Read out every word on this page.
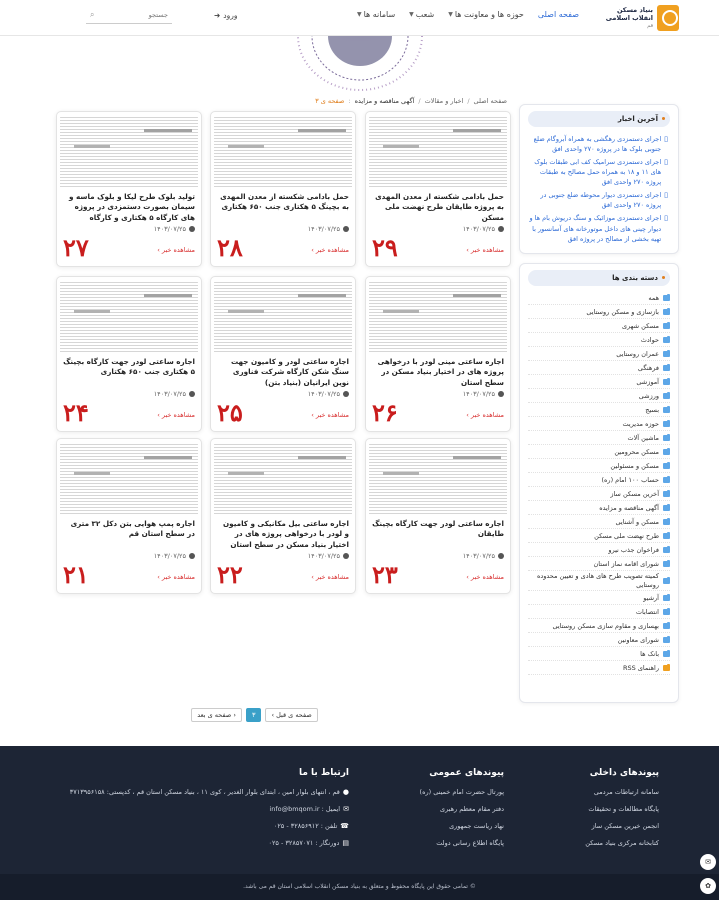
بنیاد مسکن
انقلاب اسلامی
قم
صفحه اصلی
حوزه ها و معاونت ها
▼
شعب
▼
سامانه ها
▼
ورود
➜
جستجو
⌕
صفحه اصلی
/
اخبار و مقالات
/
آگهی مناقصه و مزایده
:
صفحه ی ۳
آخرین اخبار
▯
اجرای دستمزدی رهگشی به همراه آبروگام ضلع جنوبی بلوک ها در پروژه ۲۷۰ واحدی افق
▯
اجرای دستمزدی سرامیک کف ابی طبقات بلوک های ۱۱ و ۱۸ به همراه حمل مصالح به طبقات پروژه ۲۷۰ واحدی افق
▯
اجرای دستمزدی دیوار محوطه ضلع جنوبی در پروژه ۲۷۰ واحدی افق
▯
اجرای دستمزدی موزائیک و سنگ دریوش بام ها و دیوار چینی های داخل موتورخانه های آسانسور با تهیه بخشی از مصالح در پروژه افق
دسته بندی ها
همه
بازسازی و مسکن روستایی
مسکن شهری
حوادث
عمران روستایی
فرهنگی
آموزشی
ورزشی
بسیج
حوزه مدیریت
ماشین آلات
مسکن محرومین
مسکن و مسئولین
حساب ۱۰۰ امام (ره)
آخرین مسکن ساز
آگهی مناقصه و مزایده
مسکن و آشنایی
طرح نهضت ملی مسکن
فراخوان جذب نیرو
شورای اقامه نماز استان
کمیته تصویب طرح های هادی و تعیین محدوده روستایی
آرشیو
انتصابات
بهسازی و مقاوم سازی مسکن روستایی
شورای معاونین
بانک ها
راهنمای RSS
حمل بادامی شکسته از معدن المهدی به پروژه طایقان طرح نهضت ملی مسکن
۱۴۰۳/۰۷/۲۵
مشاهده خبر ›
۲۹
حمل بادامی شکسته از معدن المهدی به بچینگ ۵ هکتاری جنب ۶۵۰ هکتاری
۱۴۰۳/۰۷/۲۵
مشاهده خبر ›
۲۸
تولید بلوک طرح لیکا و بلوک ماسه و سیمان بصورت دستمزدی در پروژه های کارگاه ۵ هکتاری و کارگاه
۱۴۰۳/۰۷/۲۵
مشاهده خبر ›
۲۷
اجاره ساعتی مینی لودر با درخواهی پروژه های در اختیار بنیاد مسکن در سطح استان
۱۴۰۳/۰۷/۲۵
مشاهده خبر ›
۲۶
اجاره ساعتی لودر و کامیون جهت سنگ شکن کارگاه شرکت فناوری نوین ایرانیان (بنیاد بتن)
۱۴۰۳/۰۷/۲۵
مشاهده خبر ›
۲۵
اجاره ساعتی لودر جهت کارگاه بچینگ ۵ هکتاری جنب ۶۵۰ هکتاری
۱۴۰۳/۰۷/۲۵
مشاهده خبر ›
۲۴
اجاره ساعتی لودر جهت کارگاه بچینگ طایقان
۱۴۰۳/۰۷/۲۵
مشاهده خبر ›
۲۳
اجاره ساعتی بیل مکانیکی و کامیون و لودر با درخواهی پروژه های در اختیار بنیاد مسکن در سطح استان
۱۴۰۳/۰۷/۲۵
مشاهده خبر ›
۲۲
اجاره پمپ هوایی بتن دکل ۳۲ متری در سطح استان قم
۱۴۰۳/۰۷/۲۵
مشاهده خبر ›
۲۱
صفحه ی قبل ›
۳
‹ صفحه ی بعد
پیوندهای داخلی
سامانه ارتباطات مردمی
پایگاه مطالعات و تحقیقات
انجمن خیرین مسکن ساز
کتابخانه مرکزی بنیاد مسکن
پیوندهای عمومی
پورتال حضرت امام خمینی (ره)
دفتر مقام معظم رهبری
نهاد ریاست جمهوری
پایگاه اطلاع رسانی دولت
ارتباط با ما
●
قم ، انتهای بلوار امین ، ابتدای بلوار الغدیر ، کوی ۱۱ ، بنیاد مسکن استان قم ، کدپستی: ۳۷۱۳۹۵۶۱۵۸
✉
ایمیل : info@bmqom.ir
☎
تلفن : ۳۲۸۵۶۹۱۲ - ۰۲۵
▤
دورنگار : ۳۲۸۵۷۰۷۱ - ۰۲۵
© تمامی حقوق این پایگاه محفوظ و متعلق به بنیاد مسکن انقلاب اسلامی استان قم می باشد.
✉
✿
